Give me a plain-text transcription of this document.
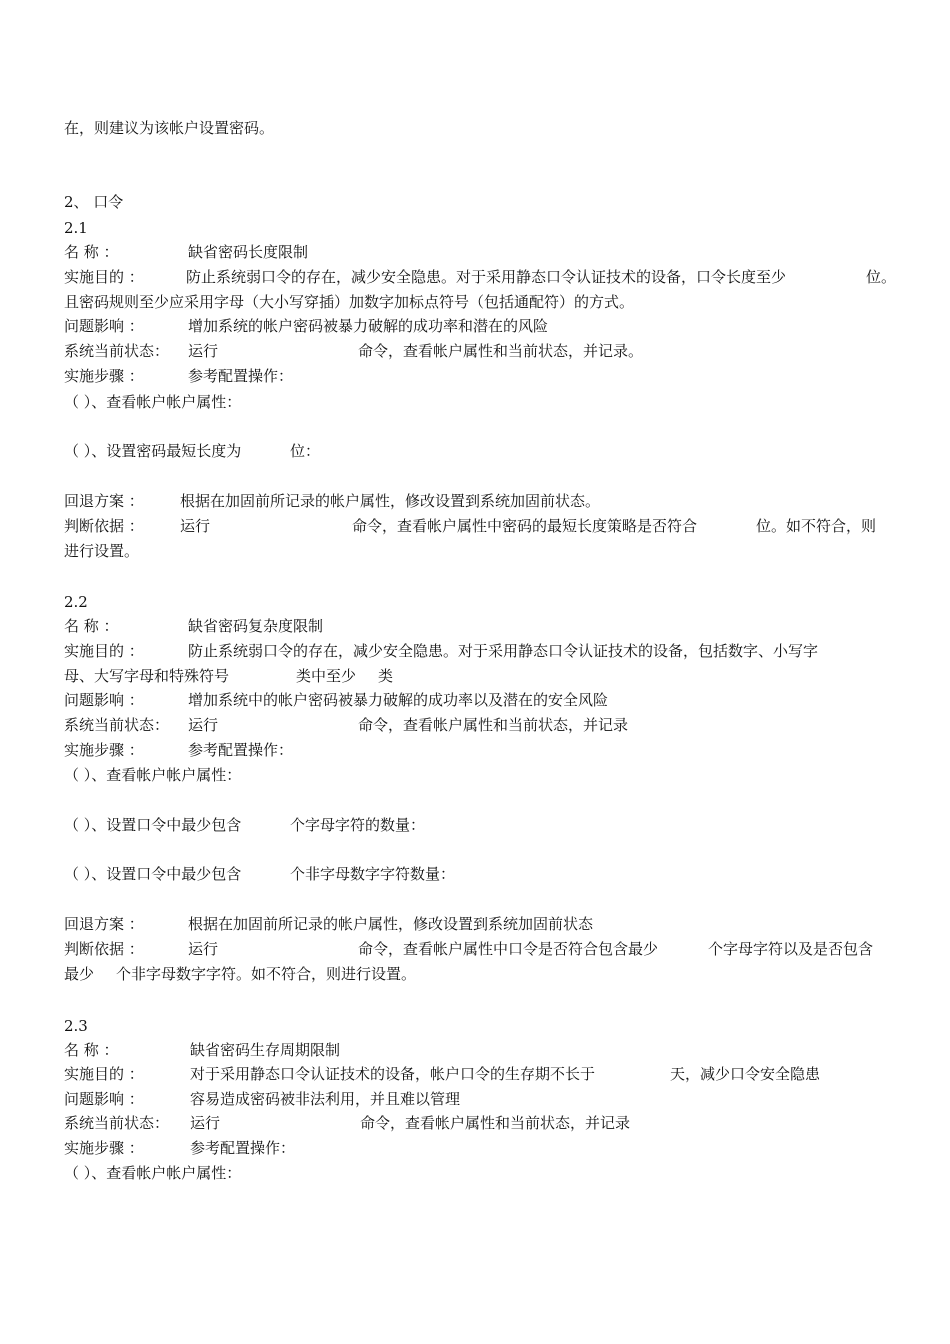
在，则建议为该帐户设置密码。
2、 口令
2.1
名 称 ：	缺省密码长度限制
实施目的 ：	防止系统弱口令的存在，减少安全隐患。对于采用静态口令认证技术的设备，口令长度至少	位。
且密码规则至少应采用字母（大小写穿插）加数字加标点符号（包括通配符）的方式。
问题影响 ：	增加系统的帐户密码被暴力破解的成功率和潜在的风险
系统当前状态： 运行	命令，查看帐户属性和当前状态，并记录。
实施步骤 ：	参考配置操作：
（ ）、查看帐户帐户属性：
（ ）、设置密码最短长度为	位：
回退方案 ： 根据在加固前所记录的帐户属性，修改设置到系统加固前状态。
判断依据 ： 运行	命令，查看帐户属性中密码的最短长度策略是否符合	位。如不符合，则
进行设置。
2.2
名 称 ：	缺省密码复杂度限制
实施目的 ：	防止系统弱口令的存在，减少安全隐患。对于采用静态口令认证技术的设备，包括数字、小写字
母、大写字母和特殊符号	类中至少 类
问题影响 ：	增加系统中的帐户密码被暴力破解的成功率以及潜在的安全风险
系统当前状态： 运行	命令，查看帐户属性和当前状态，并记录
实施步骤 ：	参考配置操作：
（ ）、查看帐户帐户属性：
（ ）、设置口令中最少包含	个字母字符的数量：
（ ）、设置口令中最少包含	个非字母数字字符数量：
回退方案 ：	根据在加固前所记录的帐户属性，修改设置到系统加固前状态
判断依据 ：	运行	命令，查看帐户属性中口令是否符合包含最少	个字母字符以及是否包含
最少 个非字母数字字符。如不符合，则进行设置。
2.3
名 称 ：	缺省密码生存周期限制
实施目的 ：	对于采用静态口令认证技术的设备，帐户口令的生存期不长于	天，减少口令安全隐患
问题影响 ：	容易造成密码被非法利用，并且难以管理
系统当前状态： 运行	命令，查看帐户属性和当前状态，并记录
实施步骤 ：	参考配置操作：
（ ）、查看帐户帐户属性：
